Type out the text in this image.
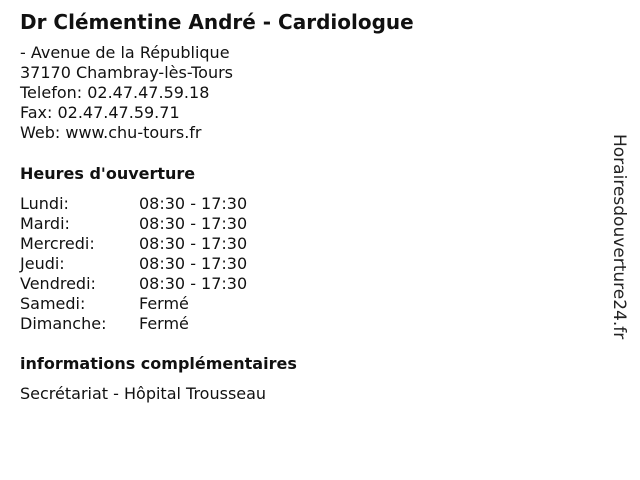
Dr Clémentine André - Cardiologue
- Avenue de la République
37170 Chambray-lès-Tours
Telefon: 02.47.47.59.18
Fax: 02.47.47.59.71
Web: www.chu-tours.fr
Heures d'ouverture
Lundi:	08:30 - 17:30
Mardi:	08:30 - 17:30
Mercredi:	08:30 - 17:30
Jeudi:	08:30 - 17:30
Vendredi:	08:30 - 17:30
Samedi:	Fermé
Dimanche: Fermé
informations complémentaires
Secrétariat - Hôpital Trousseau
Horairesdouverture24.fr
